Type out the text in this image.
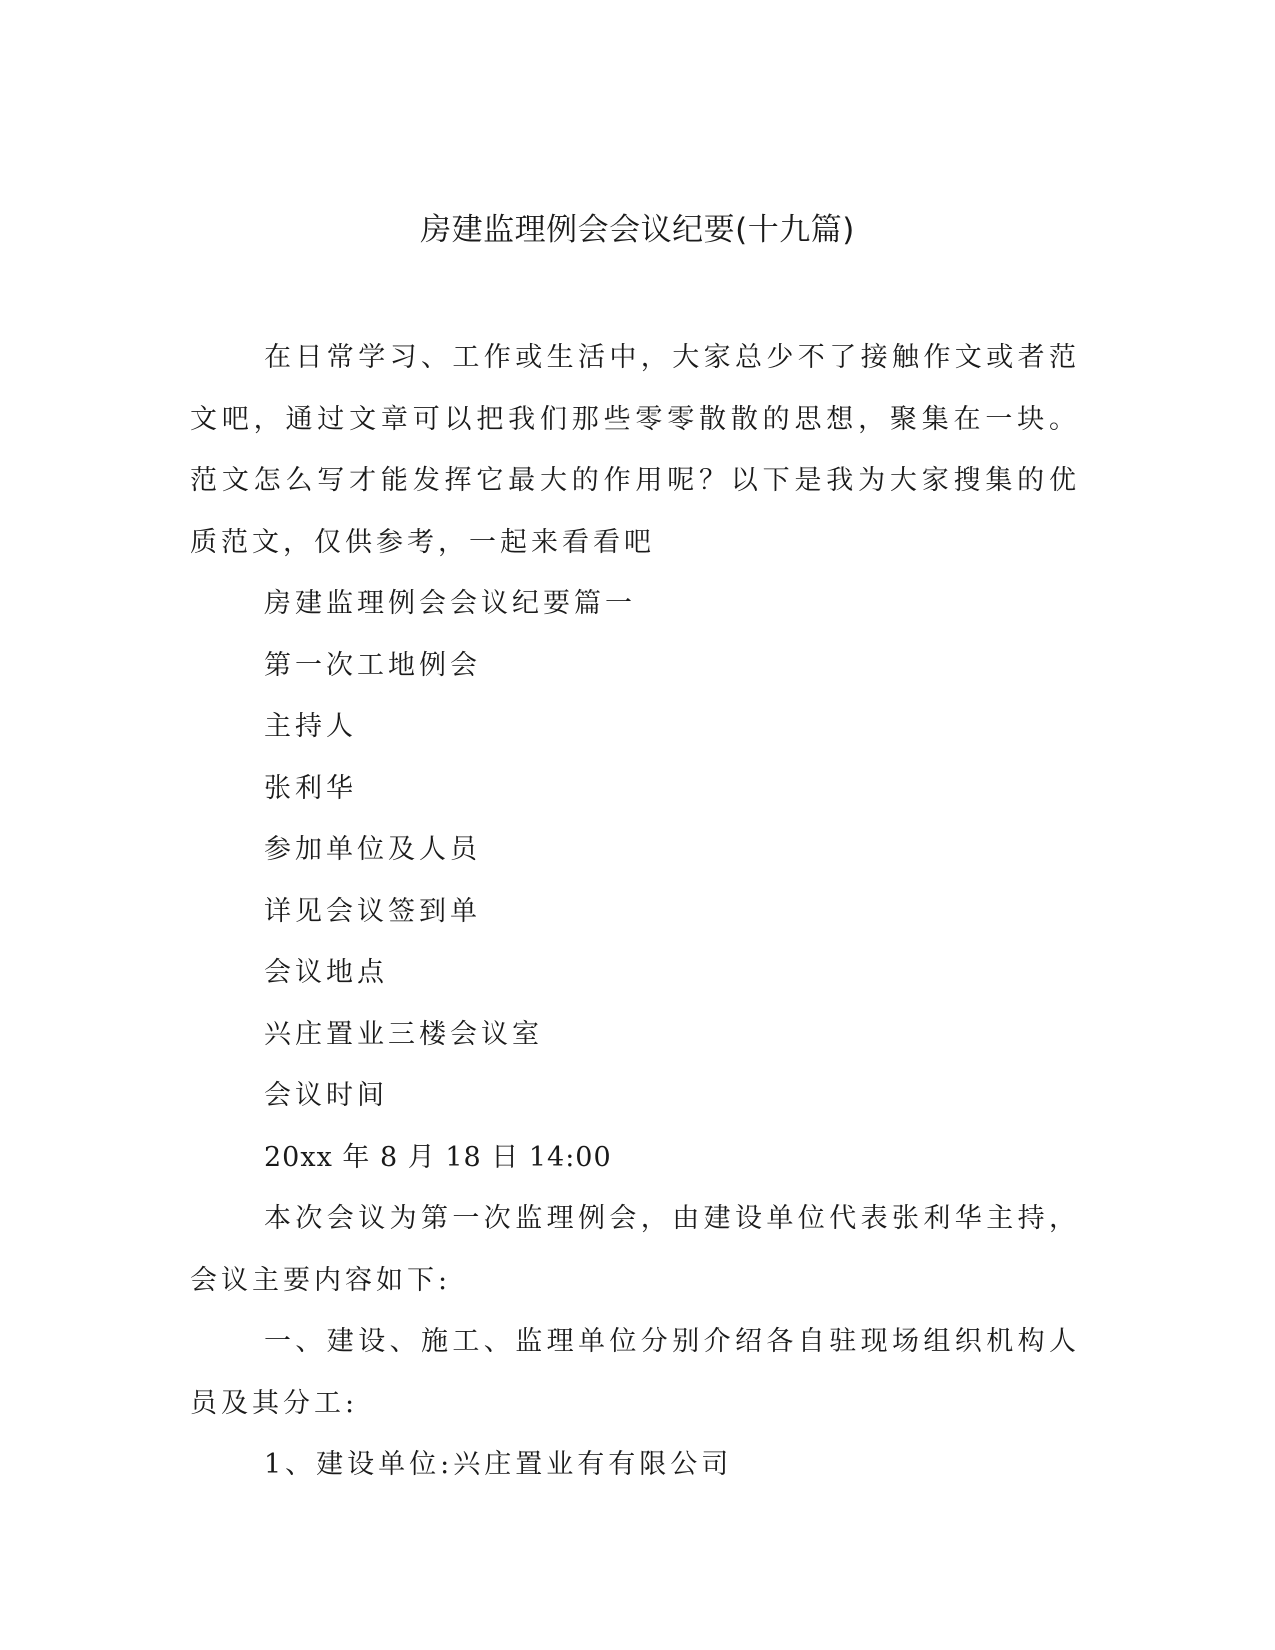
房建监理例会会议纪要(十九篇)

在日常学习、工作或生活中，大家总少不了接触作文或者范文吧，通过文章可以把我们那些零零散散的思想，聚集在一块。范文怎么写才能发挥它最大的作用呢？以下是我为大家搜集的优质范文，仅供参考，一起来看看吧

房建监理例会会议纪要篇一

第一次工地例会

主持人

张利华

参加单位及人员

详见会议签到单

会议地点

兴庄置业三楼会议室

会议时间

20xx 年 8 月 18 日 14:00

本次会议为第一次监理例会，由建设单位代表张利华主持，会议主要内容如下:

一、建设、施工、监理单位分别介绍各自驻现场组织机构人员及其分工:

1、建设单位:兴庄置业有有限公司
